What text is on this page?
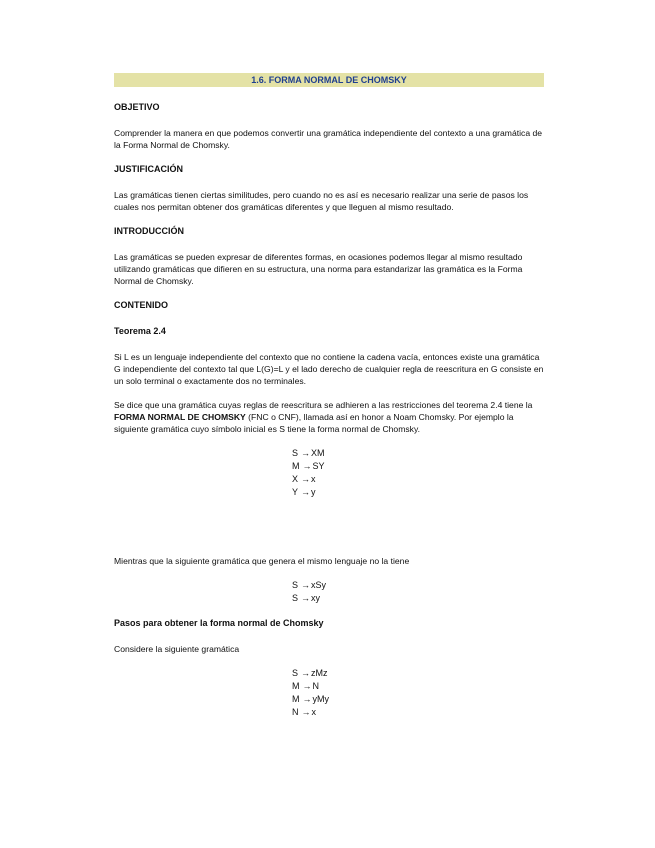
1.6. FORMA NORMAL DE CHOMSKY
OBJETIVO

Comprender la manera en que podemos convertir una gramática independiente del contexto a una gramática de la Forma Normal de Chomsky.

JUSTIFICACIÓN

Las gramáticas tienen ciertas similitudes, pero cuando no es así es necesario realizar una serie de pasos los cuales nos permitan obtener dos gramáticas diferentes y que lleguen al mismo resultado.

INTRODUCCIÓN

Las gramáticas se pueden expresar de diferentes formas, en ocasiones podemos llegar al mismo resultado utilizando gramáticas que difieren en su estructura, una norma para estandarizar las gramática es la Forma Normal de Chomsky.

CONTENIDO
Teorema 2.4

Si L es un lenguaje independiente del contexto que no contiene la cadena vacía, entonces existe una gramática G independiente del contexto tal que L(G)=L y el lado derecho de cualquier regla de reescritura en G consiste en un solo terminal o exactamente dos no terminales.

Se dice que una gramática cuyas reglas de reescritura se adhieren a las restricciones del teorema 2.4 tiene la FORMA NORMAL DE CHOMSKY (FNC o CNF), llamada así en honor a Noam Chomsky. Por ejemplo la siguiente gramática cuyo símbolo inicial es S tiene la forma normal de Chomsky.

S →XM
M →SY
X →x
Y →y

Mientras que la siguiente gramática que genera el mismo lenguaje no la tiene

S →xSy
S →xy
Pasos para obtener la forma normal de Chomsky

Considere la siguiente gramática

S →zMz
M →N
M →yMy
N →x
